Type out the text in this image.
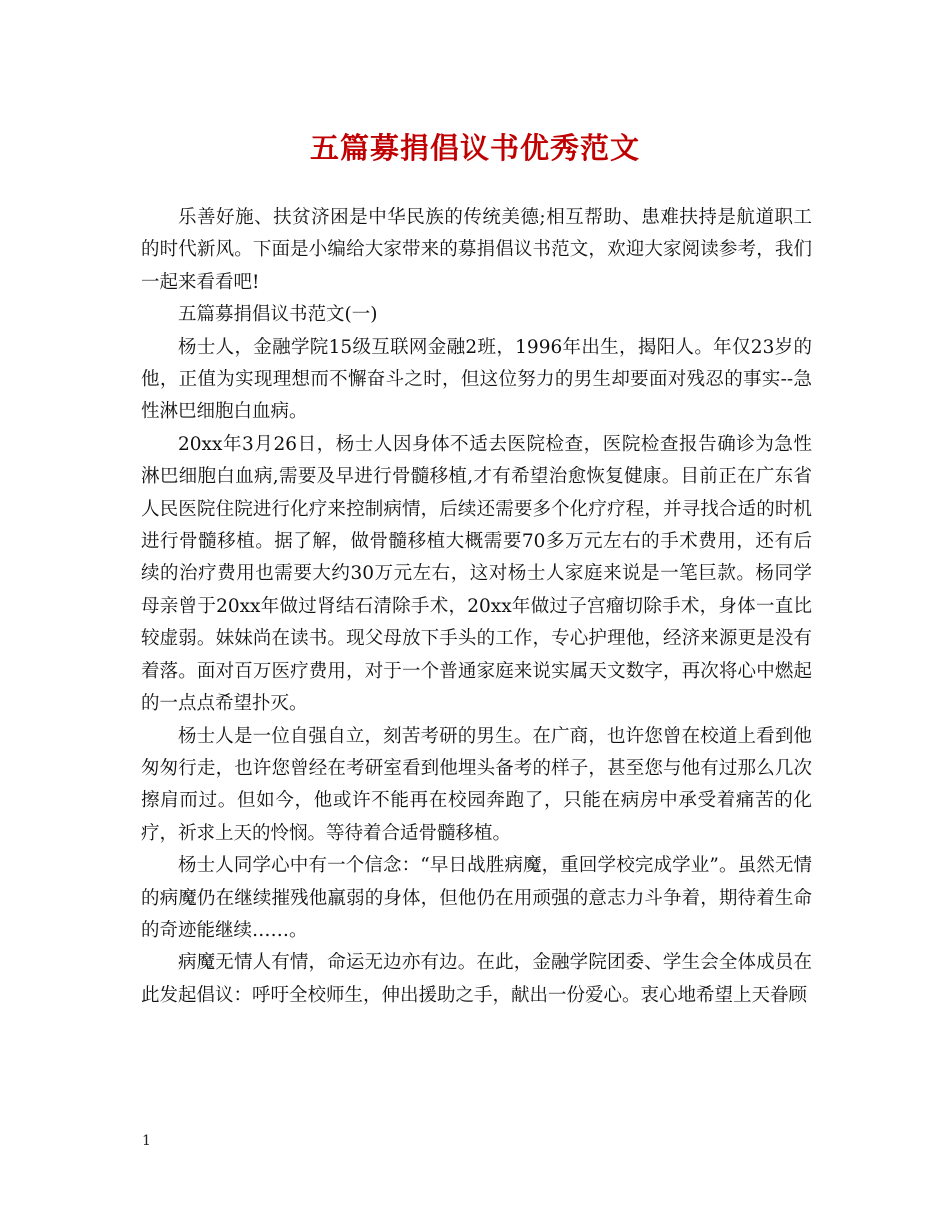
五篇募捐倡议书优秀范文

乐善好施、扶贫济困是中华民族的传统美德;相互帮助、患难扶持是航道职工的时代新风。下面是小编给大家带来的募捐倡议书范文，欢迎大家阅读参考，我们一起来看看吧!

五篇募捐倡议书范文(一)

杨士人，金融学院15级互联网金融2班，1996年出生，揭阳人。年仅23岁的他，正值为实现理想而不懈奋斗之时，但这位努力的男生却要面对残忍的事实--急性淋巴细胞白血病。

20xx年3月26日，杨士人因身体不适去医院检查，医院检查报告确诊为急性淋巴细胞白血病,需要及早进行骨髓移植,才有希望治愈恢复健康。目前正在广东省人民医院住院进行化疗来控制病情，后续还需要多个化疗疗程，并寻找合适的时机进行骨髓移植。据了解，做骨髓移植大概需要70多万元左右的手术费用，还有后续的治疗费用也需要大约30万元左右，这对杨士人家庭来说是一笔巨款。杨同学母亲曾于20xx年做过肾结石清除手术，20xx年做过子宫瘤切除手术，身体一直比较虚弱。妹妹尚在读书。现父母放下手头的工作，专心护理他，经济来源更是没有着落。面对百万医疗费用，对于一个普通家庭来说实属天文数字，再次将心中燃起的一点点希望扑灭。

杨士人是一位自强自立，刻苦考研的男生。在广商，也许您曾在校道上看到他匆匆行走，也许您曾经在考研室看到他埋头备考的样子，甚至您与他有过那么几次擦肩而过。但如今，他或许不能再在校园奔跑了，只能在病房中承受着痛苦的化疗，祈求上天的怜悯。等待着合适骨髓移植。

杨士人同学心中有一个信念：“早日战胜病魔，重回学校完成学业”。虽然无情的病魔仍在继续摧残他羸弱的身体，但他仍在用顽强的意志力斗争着，期待着生命的奇迹能继续……。

病魔无情人有情，命运无边亦有边。在此，金融学院团委、学生会全体成员在此发起倡议：呼吁全校师生，伸出援助之手，献出一份爱心。衷心地希望上天眷顾

1
